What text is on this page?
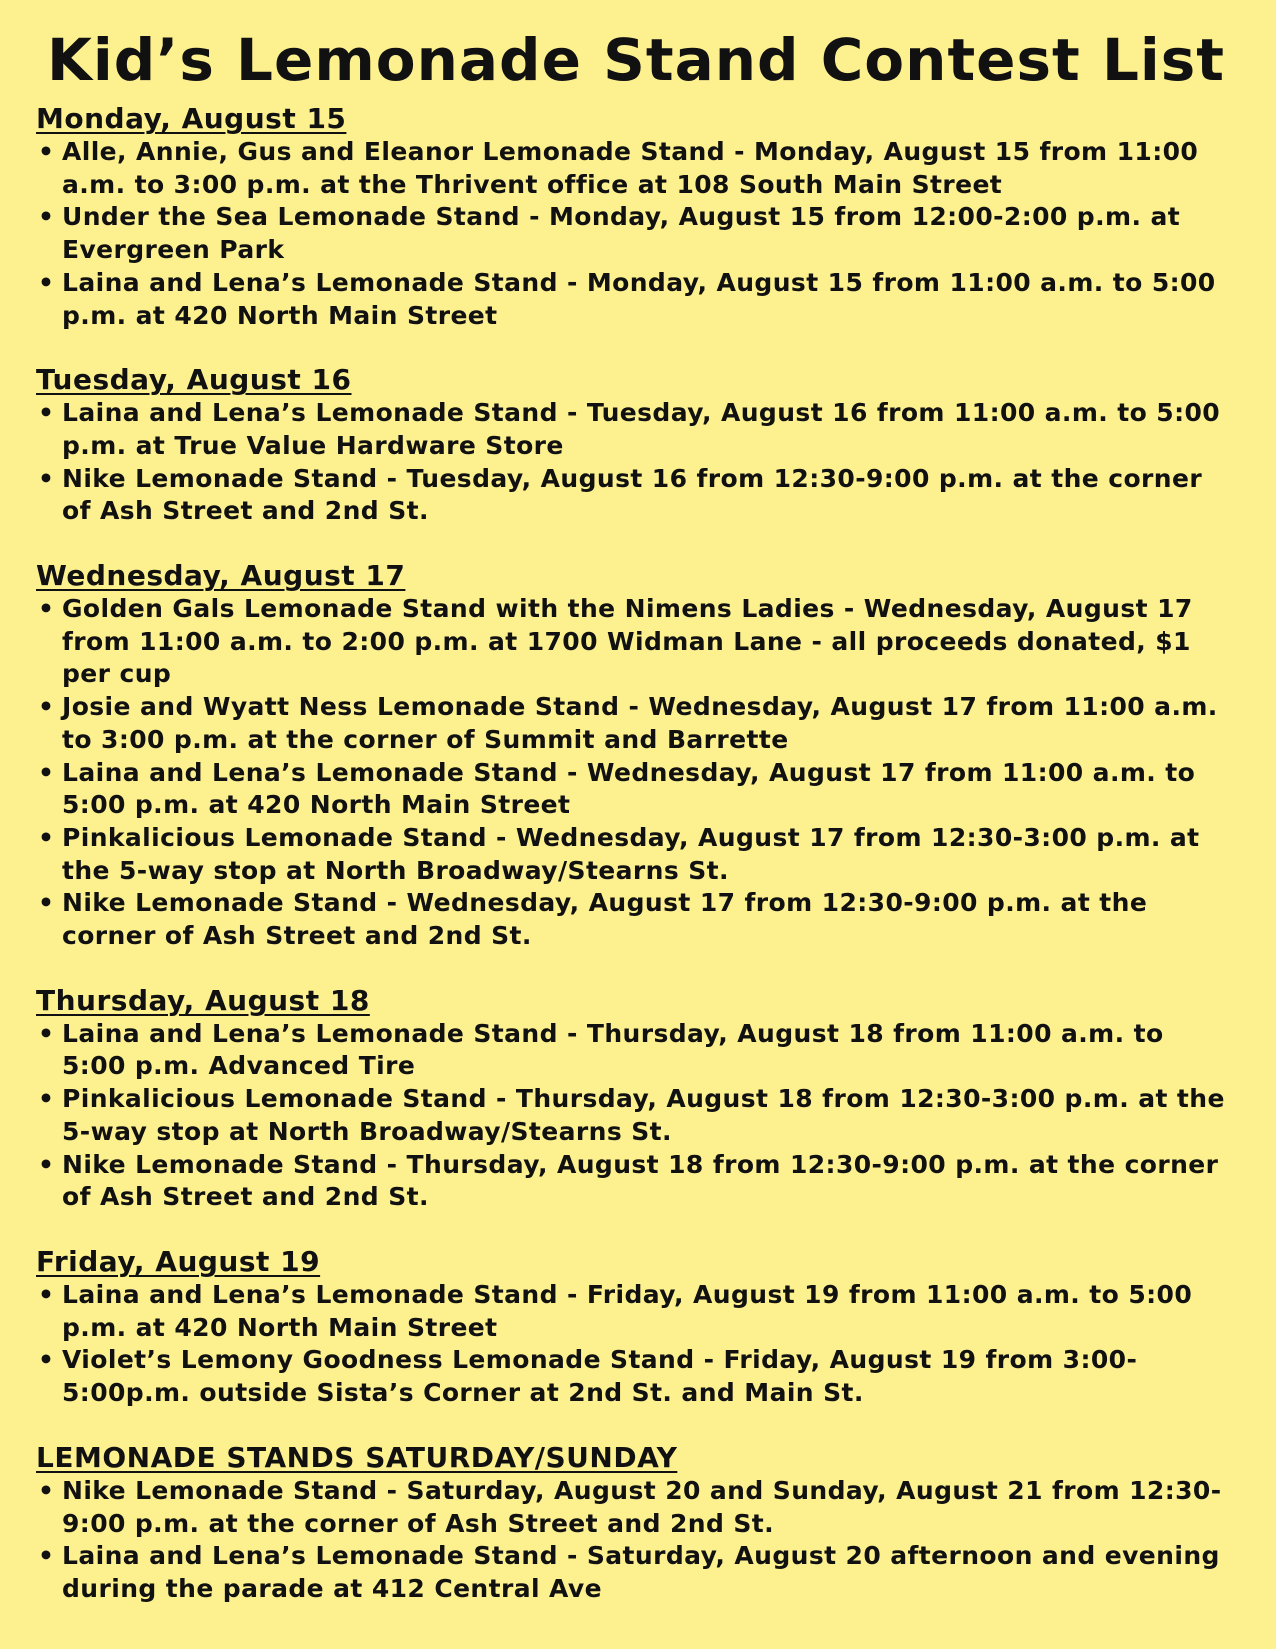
Kid’s Lemonade Stand Contest List
Monday, August 15
• Alle, Annie, Gus and Eleanor Lemonade Stand - Monday, August 15 from 11:00 a.m. to 3:00 p.m. at the Thrivent office at 108 South Main Street
• Under the Sea Lemonade Stand - Monday, August 15 from 12:00-2:00 p.m. at Evergreen Park
• Laina and Lena’s Lemonade Stand - Monday, August 15 from 11:00 a.m. to 5:00 p.m. at 420 North Main Street
Tuesday, August 16
• Laina and Lena’s Lemonade Stand - Tuesday, August 16 from 11:00 a.m. to 5:00 p.m. at True Value Hardware Store
• Nike Lemonade Stand - Tuesday, August 16 from 12:30-9:00 p.m. at the corner of Ash Street and 2nd St.
Wednesday, August 17
• Golden Gals Lemonade Stand with the Nimens Ladies - Wednesday, August 17 from 11:00 a.m. to 2:00 p.m. at 1700 Widman Lane - all proceeds donated, $1 per cup
• Josie and Wyatt Ness Lemonade Stand - Wednesday, August 17 from 11:00 a.m. to 3:00 p.m. at the corner of Summit and Barrette
• Laina and Lena’s Lemonade Stand - Wednesday, August 17 from 11:00 a.m. to 5:00 p.m. at 420 North Main Street
• Pinkalicious Lemonade Stand - Wednesday, August 17 from 12:30-3:00 p.m. at the 5-way stop at North Broadway/Stearns St.
• Nike Lemonade Stand - Wednesday, August 17 from 12:30-9:00 p.m. at the corner of Ash Street and 2nd St.
Thursday, August 18
• Laina and Lena’s Lemonade Stand - Thursday, August 18 from 11:00 a.m. to 5:00 p.m. Advanced Tire
• Pinkalicious Lemonade Stand - Thursday, August 18 from 12:30-3:00 p.m. at the 5-way stop at North Broadway/Stearns St.
• Nike Lemonade Stand - Thursday, August 18 from 12:30-9:00 p.m. at the corner of Ash Street and 2nd St.
Friday, August 19
• Laina and Lena’s Lemonade Stand - Friday, August 19 from 11:00 a.m. to 5:00 p.m. at 420 North Main Street
• Violet’s Lemony Goodness Lemonade Stand - Friday, August 19 from 3:00-5:00p.m. outside Sista’s Corner at 2nd St. and Main St.
LEMONADE STANDS SATURDAY/SUNDAY
• Nike Lemonade Stand - Saturday, August 20 and Sunday, August 21 from 12:30-9:00 p.m. at the corner of Ash Street and 2nd St.
• Laina and Lena’s Lemonade Stand - Saturday, August 20 afternoon and evening during the parade at 412 Central Ave
